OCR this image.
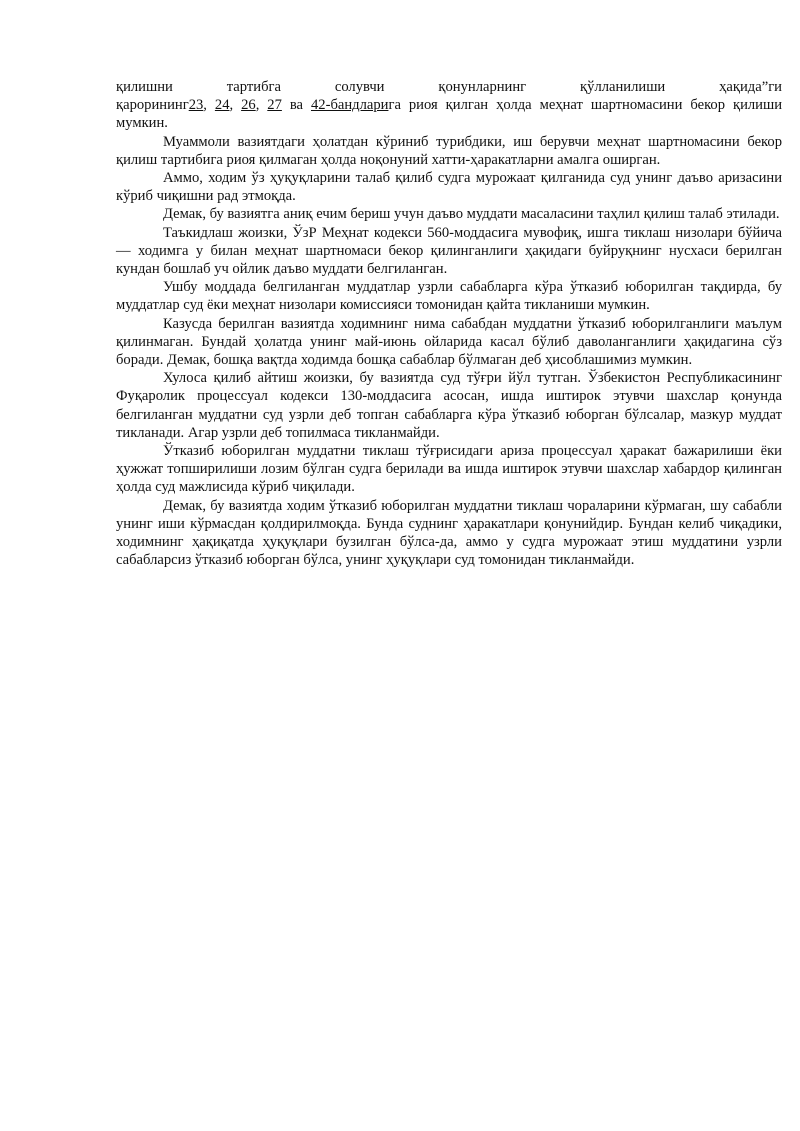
қилишни тартибга солувчи қонунларнинг қўлланилиши ҳақида”ги
қарорининг23, 24, 26, 27 ва 42-бандларига риоя қилган ҳолда меҳнат шартномасини бекор қилиши мумкин.

Муаммоли вазиятдаги ҳолатдан кўриниб турибдики, иш берувчи меҳнат шартномасини бекор қилиш тартибига риоя қилмаган ҳолда ноқонуний хатти-ҳаракатларни амалга оширган.

Аммо, ходим ўз ҳуқуқларини талаб қилиб судга мурожаат қилганида суд унинг даъво аризасини кўриб чиқишни рад этмоқда.

Демак, бу вазиятга аниқ ечим бериш учун даъво муддати масаласини таҳлил қилиш талаб этилади.

Таъкидлаш жоизки, ЎзР Меҳнат кодекси 560-моддасига мувофиқ, ишга тиклаш низолари бўйича — ходимга у билан меҳнат шартномаси бекор қилинганлиги ҳақидаги буйруқнинг нусхаси берилган кундан бошлаб уч ойлик даъво муддати белгиланган.

Ушбу моддада белгиланган муддатлар узрли сабабларга кўра ўтказиб юборилган тақдирда, бу муддатлар суд ёки меҳнат низолари комиссияси томонидан қайта тикланиши мумкин.

Казусда берилган вазиятда ходимнинг нима сабабдан муддатни ўтказиб юборилганлиги маълум қилинмаган. Бундай ҳолатда унинг май-июнь ойларида касал бўлиб даволанганлиги ҳақидагина сўз боради. Демак, бошқа вақтда ходимда бошқа сабаблар бўлмаган деб ҳисоблашимиз мумкин.

Хулоса қилиб айтиш жоизки, бу вазиятда суд тўғри йўл тутган. Ўзбекистон Республикасининг Фуқаролик процессуал кодекси 130-моддасига асосан, ишда иштирок этувчи шахслар қонунда белгиланган муддатни суд узрли деб топган сабабларга кўра ўтказиб юборган бўлсалар, мазкур муддат тикланади. Агар узрли деб топилмаса тикланмайди.

Ўтказиб юборилган муддатни тиклаш тўғрисидаги ариза процессуал ҳаракат бажарилиши ёки ҳужжат топширилиши лозим бўлган судга берилади ва ишда иштирок этувчи шахслар хабардор қилинган ҳолда суд мажлисида кўриб чиқилади.

Демак, бу вазиятда ходим ўтказиб юборилган муддатни тиклаш чораларини кўрмаган, шу сабабли унинг иши кўрмасдан қолдирилмоқда. Бунда суднинг ҳаракатлари қонунийдир. Бундан келиб чиқадики, ходимнинг ҳақиқатда ҳуқуқлари бузилган бўлса-да, аммо у судга мурожаат этиш муддатини узрли сабабларсиз ўтказиб юборган бўлса, унинг ҳуқуқлари суд томонидан тикланмайди.
